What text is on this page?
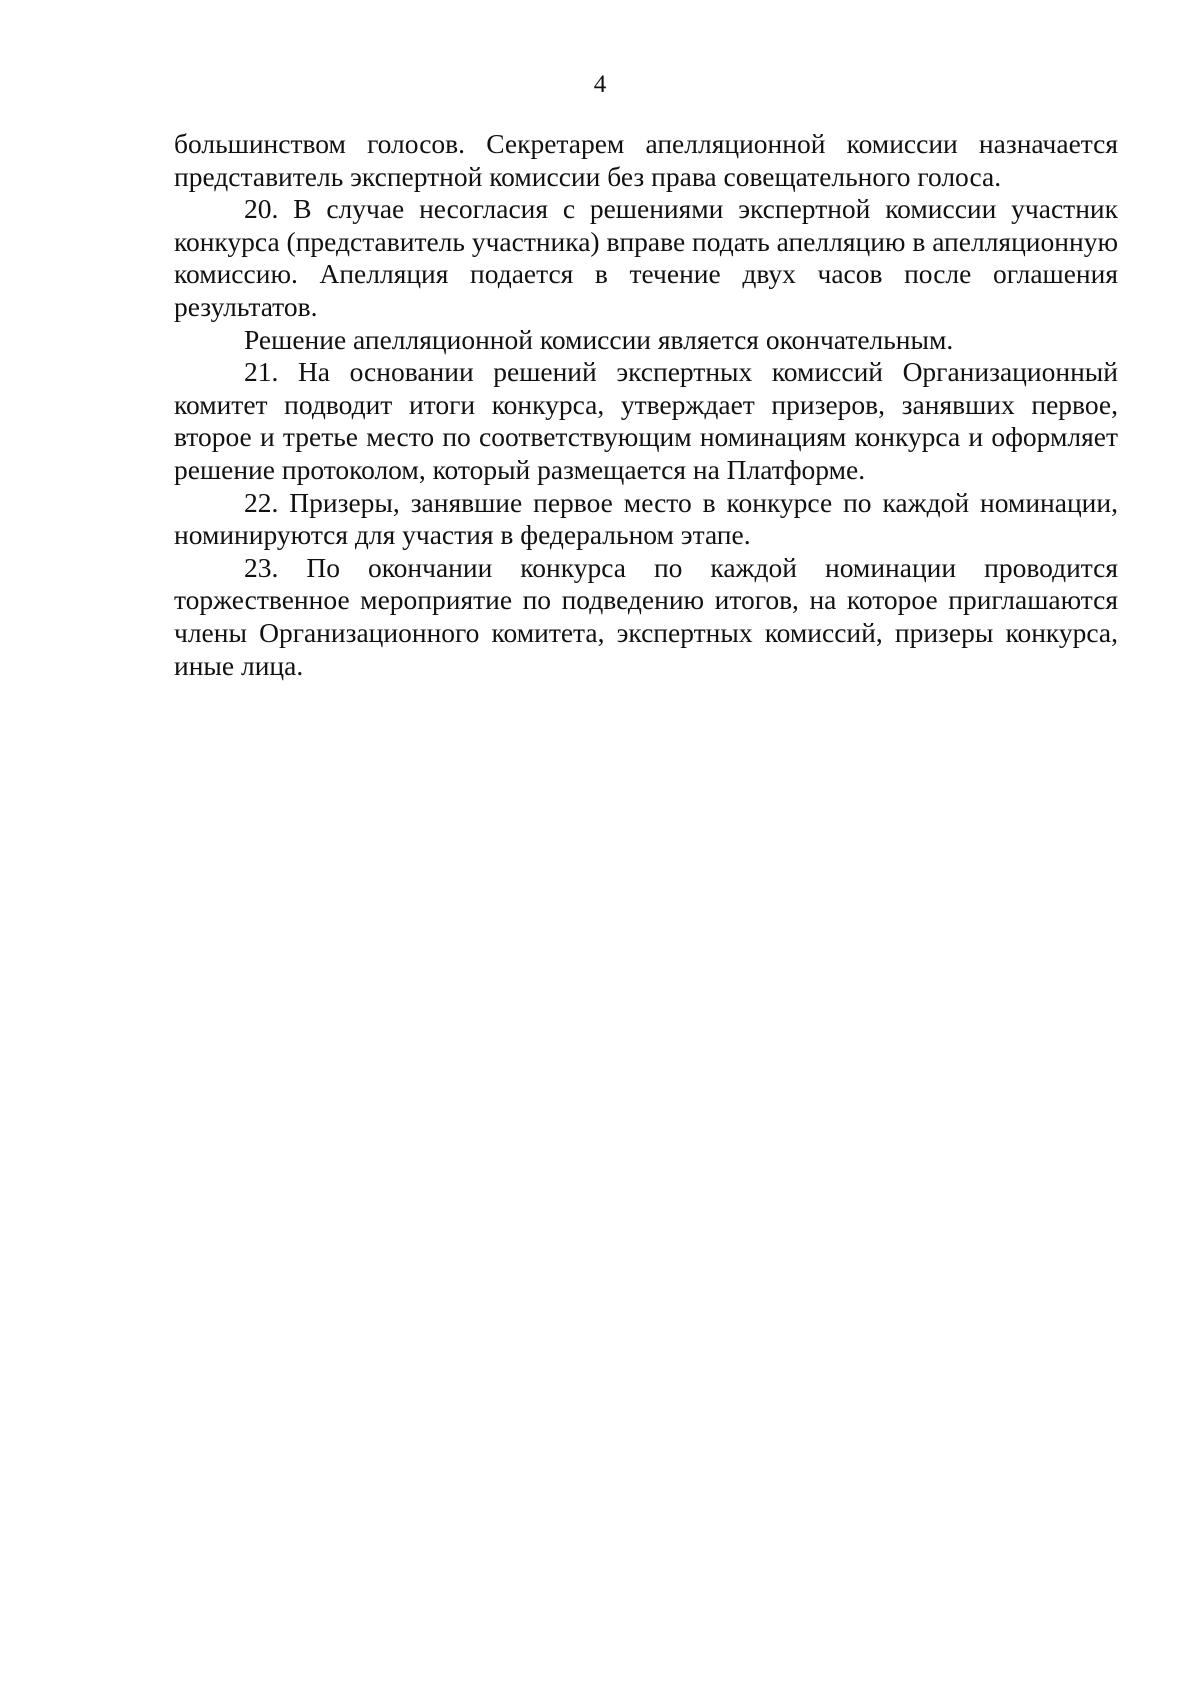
4

большинством голосов. Секретарем апелляционной комиссии назначается представитель экспертной комиссии без права совещательного голоса.

20. В случае несогласия с решениями экспертной комиссии участник конкурса (представитель участника) вправе подать апелляцию в апелляционную комиссию. Апелляция подается в течение двух часов после оглашения результатов.

Решение апелляционной комиссии является окончательным.

21. На основании решений экспертных комиссий Организационный комитет подводит итоги конкурса, утверждает призеров, занявших первое, второе и третье место по соответствующим номинациям конкурса и оформляет решение протоколом, который размещается на Платформе.

22. Призеры, занявшие первое место в конкурсе по каждой номинации, номинируются для участия в федеральном этапе.

23. По окончании конкурса по каждой номинации проводится торжественное мероприятие по подведению итогов, на которое приглашаются члены Организационного комитета, экспертных комиссий, призеры конкурса, иные лица.
